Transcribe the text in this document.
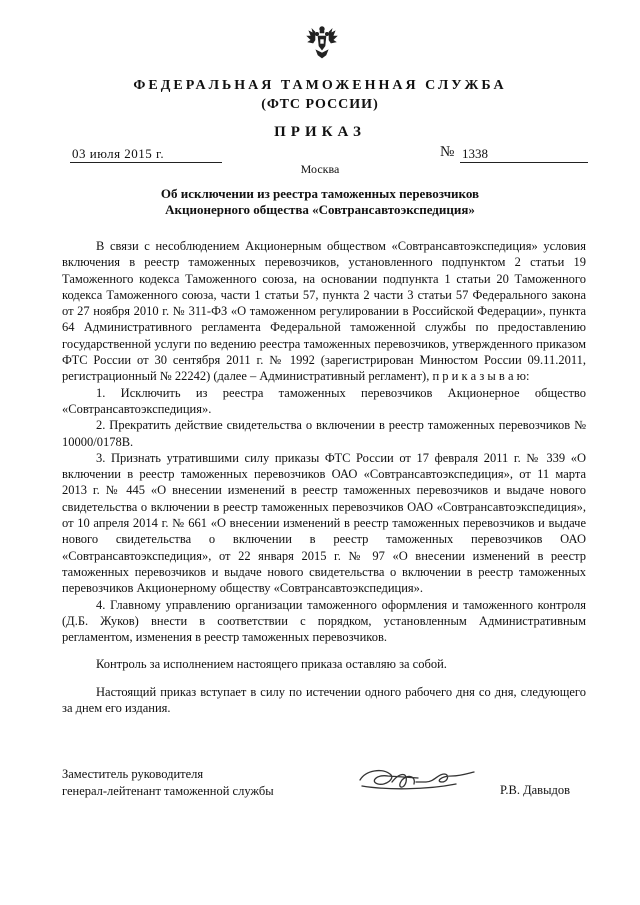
ФЕДЕРАЛЬНАЯ ТАМОЖЕННАЯ СЛУЖБА
(ФТС РОССИИ)
ПРИКАЗ
03 июля 2015 г.	№ 1338
Москва
Об исключении из реестра таможенных перевозчиков
Акционерного общества «Совтрансавтоэкспедиция»

В связи с несоблюдением Акционерным обществом «Совтрансавтоэкспедиция» условия включения в реестр таможенных перевозчиков, установленного подпунктом 2 статьи 19 Таможенного кодекса Таможенного союза, на основании подпункта 1 статьи 20 Таможенного кодекса Таможенного союза, части 1 статьи 57, пункта 2 части 3 статьи 57 Федерального закона от 27 ноября 2010 г. № 311-ФЗ «О таможенном регулировании в Российской Федерации», пункта 64 Административного регламента Федеральной таможенной службы по предоставлению государственной услуги по ведению реестра таможенных перевозчиков, утвержденного приказом ФТС России от 30 сентября 2011 г. № 1992 (зарегистрирован Минюстом России 09.11.2011, регистрационный № 22242) (далее – Административный регламент), п р и к а з ы в а ю:

1. Исключить из реестра таможенных перевозчиков Акционерное общество «Совтрансавтоэкспедиция».

2. Прекратить действие свидетельства о включении в реестр таможенных перевозчиков № 10000/0178В.

3. Признать утратившими силу приказы ФТС России от 17 февраля 2011 г. № 339 «О включении в реестр таможенных перевозчиков ОАО «Совтрансавтоэкспедиция», от 11 марта 2013 г. № 445 «О внесении изменений в реестр таможенных перевозчиков и выдаче нового свидетельства о включении в реестр таможенных перевозчиков ОАО «Совтрансавтоэкспедиция», от 10 апреля 2014 г. № 661 «О внесении изменений в реестр таможенных перевозчиков и выдаче нового свидетельства о включении в реестр таможенных перевозчиков ОАО «Совтрансавтоэкспедиция», от 22 января 2015 г. № 97 «О внесении изменений в реестр таможенных перевозчиков и выдаче нового свидетельства о включении в реестр таможенных перевозчиков Акционерному обществу «Совтрансавтоэкспедиция».

4. Главному управлению организации таможенного оформления и таможенного контроля (Д.Б. Жуков) внести в соответствии с порядком, установленным Административным регламентом, изменения в реестр таможенных перевозчиков.

Контроль за исполнением настоящего приказа оставляю за собой.

Настоящий приказ вступает в силу по истечении одного рабочего дня со дня, следующего за днем его издания.

Заместитель руководителя
генерал-лейтенант таможенной службы	Р.В. Давыдов
